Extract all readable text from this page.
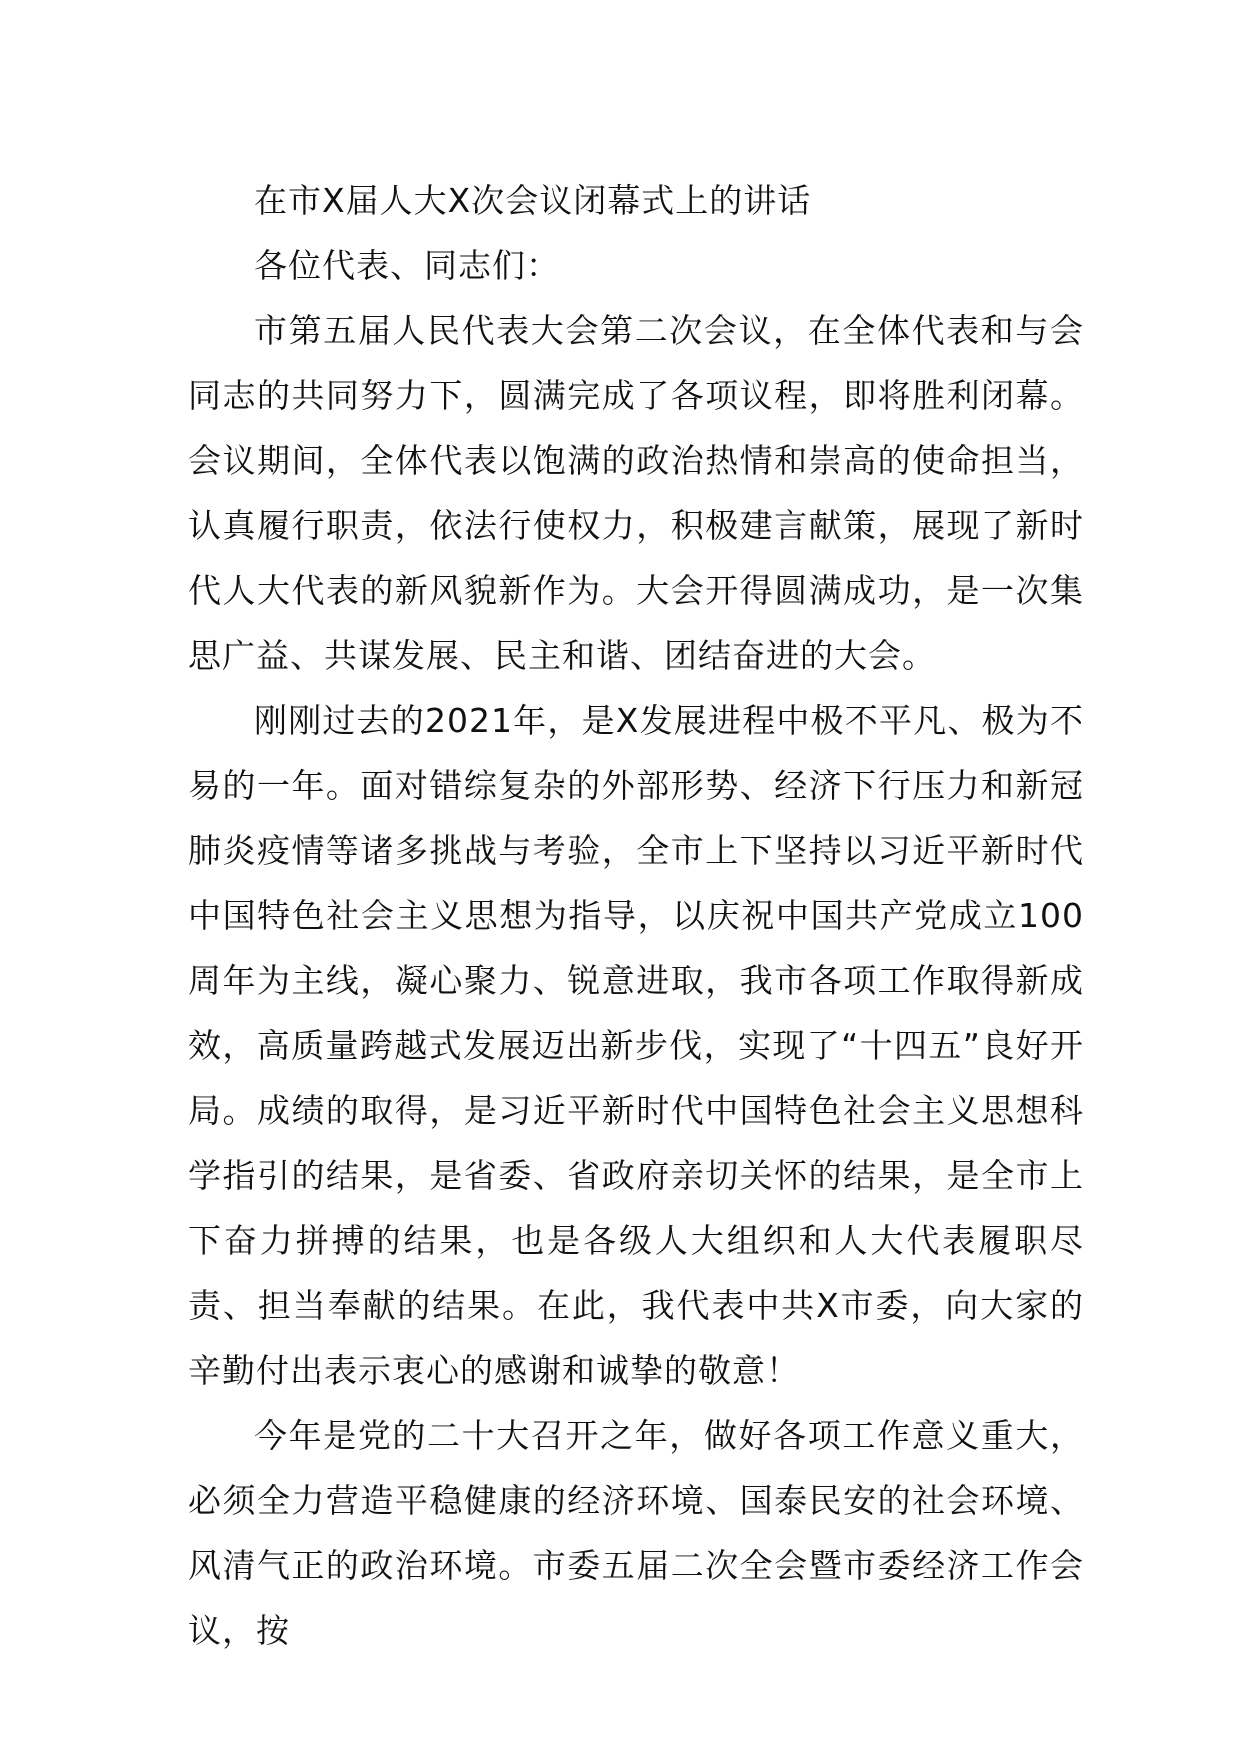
在市X届人大X次会议闭幕式上的讲话

各位代表、同志们：

市第五届人民代表大会第二次会议，在全体代表和与会同志的共同努力下，圆满完成了各项议程，即将胜利闭幕。会议期间，全体代表以饱满的政治热情和崇高的使命担当，认真履行职责，依法行使权力，积极建言献策，展现了新时代人大代表的新风貌新作为。大会开得圆满成功，是一次集思广益、共谋发展、民主和谐、团结奋进的大会。

刚刚过去的2021年，是X发展进程中极不平凡、极为不易的一年。面对错综复杂的外部形势、经济下行压力和新冠肺炎疫情等诸多挑战与考验，全市上下坚持以习近平新时代中国特色社会主义思想为指导，以庆祝中国共产党成立100周年为主线，凝心聚力、锐意进取，我市各项工作取得新成效，高质量跨越式发展迈出新步伐，实现了“十四五”良好开局。成绩的取得，是习近平新时代中国特色社会主义思想科学指引的结果，是省委、省政府亲切关怀的结果，是全市上下奋力拼搏的结果，也是各级人大组织和人大代表履职尽责、担当奉献的结果。在此，我代表中共X市委，向大家的辛勤付出表示衷心的感谢和诚挚的敬意！

今年是党的二十大召开之年，做好各项工作意义重大，必须全力营造平稳健康的经济环境、国泰民安的社会环境、风清气正的政治环境。市委五届二次全会暨市委经济工作会议，按
